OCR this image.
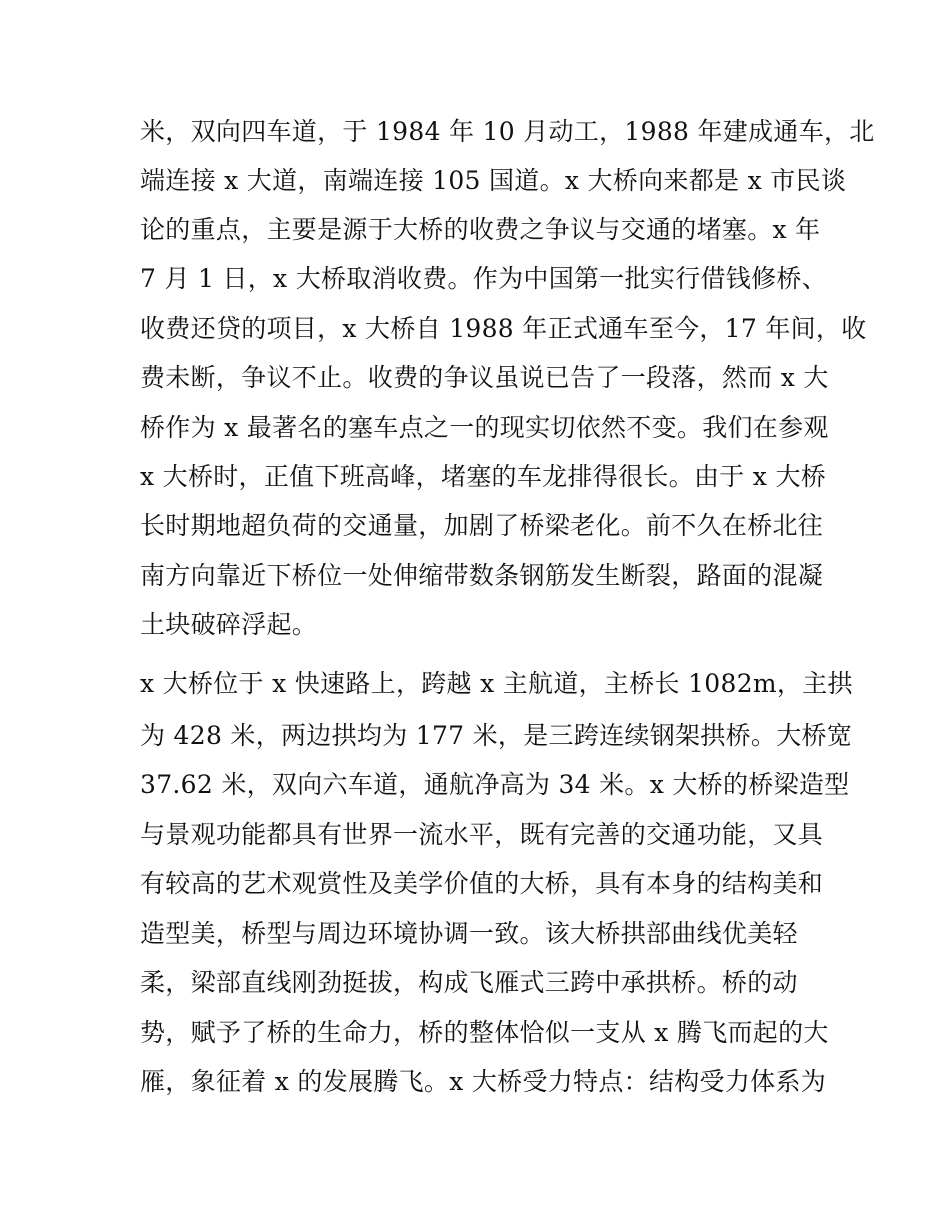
米，双向四车道，于 1984 年 10 月动工，1988 年建成通车，北
端连接 x 大道，南端连接 105 国道。x 大桥向来都是 x 市民谈
论的重点，主要是源于大桥的收费之争议与交通的堵塞。x 年
7 月 1 日，x 大桥取消收费。作为中国第一批实行借钱修桥、
收费还贷的项目，x 大桥自 1988 年正式通车至今，17 年间，收
费未断，争议不止。收费的争议虽说已告了一段落，然而 x 大
桥作为 x 最著名的塞车点之一的现实切依然不变。我们在参观
x 大桥时，正值下班高峰，堵塞的车龙排得很长。由于 x 大桥
长时期地超负荷的交通量，加剧了桥梁老化。前不久在桥北往
南方向靠近下桥位一处伸缩带数条钢筋发生断裂，路面的混凝
土块破碎浮起。
x 大桥位于 x 快速路上，跨越 x 主航道，主桥长 1082m，主拱
为 428 米，两边拱均为 177 米，是三跨连续钢架拱桥。大桥宽
37.62 米，双向六车道，通航净高为 34 米。x 大桥的桥梁造型
与景观功能都具有世界一流水平，既有完善的交通功能，又具
有较高的艺术观赏性及美学价值的大桥，具有本身的结构美和
造型美，桥型与周边环境协调一致。该大桥拱部曲线优美轻
柔，梁部直线刚劲挺拔，构成飞雁式三跨中承拱桥。桥的动
势，赋予了桥的生命力，桥的整体恰似一支从 x 腾飞而起的大
雁，象征着 x 的发展腾飞。x 大桥受力特点：结构受力体系为
